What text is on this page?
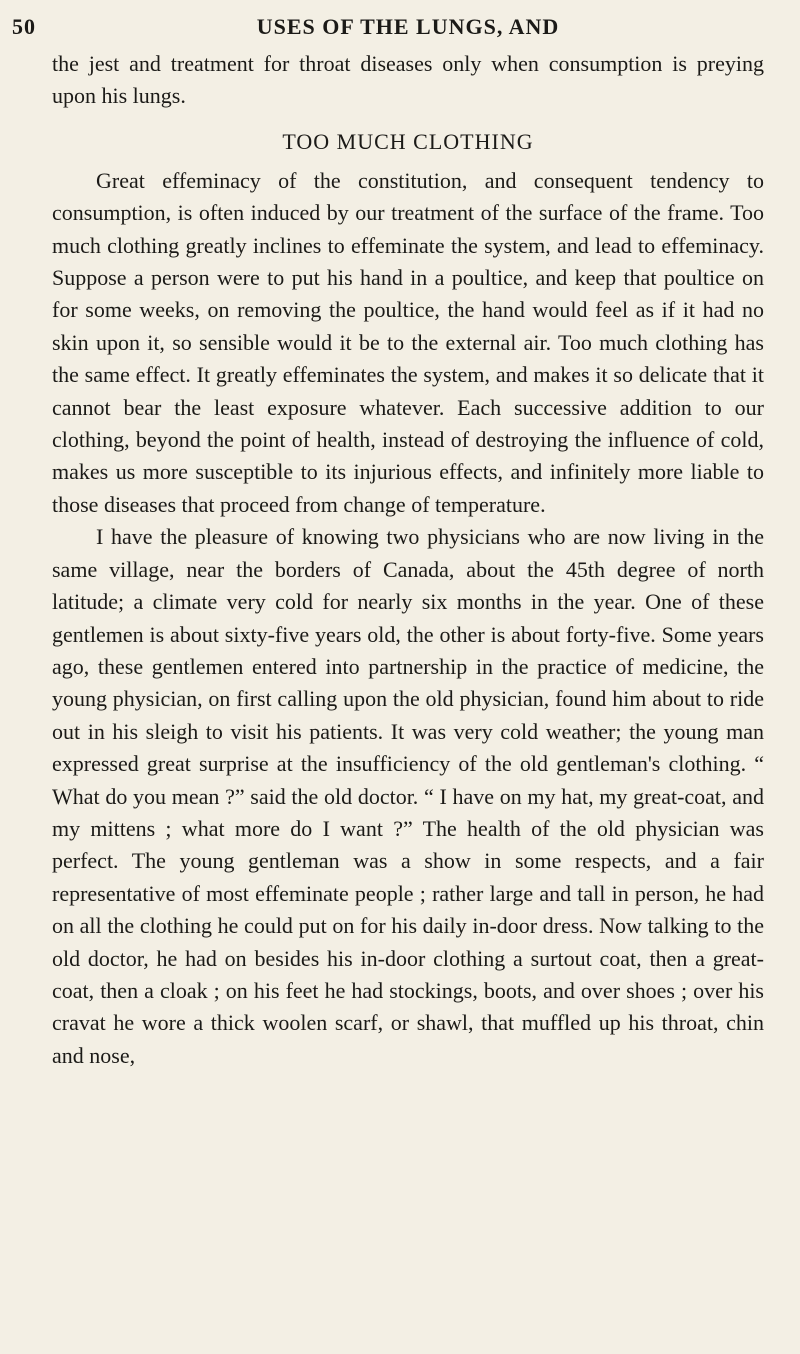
50	USES OF THE LUNGS, AND

the jest and treatment for throat diseases only when consumption is preying upon his lungs.

TOO MUCH CLOTHING

Great effeminacy of the constitution, and consequent tendency to consumption, is often induced by our treatment of the surface of the frame. Too much clothing greatly inclines to effeminate the system, and lead to effeminacy. Suppose a person were to put his hand in a poultice, and keep that poultice on for some weeks, on removing the poultice, the hand would feel as if it had no skin upon it, so sensible would it be to the external air. Too much clothing has the same effect. It greatly effeminates the system, and makes it so delicate that it cannot bear the least exposure whatever. Each successive addition to our clothing, beyond the point of health, instead of destroying the influence of cold, makes us more susceptible to its injurious effects, and infinitely more liable to those diseases that proceed from change of temperature.

I have the pleasure of knowing two physicians who are now living in the same village, near the borders of Canada, about the 45th degree of north latitude; a climate very cold for nearly six months in the year. One of these gentlemen is about sixty-five years old, the other is about forty-five. Some years ago, these gentlemen entered into partnership in the practice of medicine, the young physician, on first calling upon the old physician, found him about to ride out in his sleigh to visit his patients. It was very cold weather; the young man expressed great surprise at the insufficiency of the old gentleman's clothing. “ What do you mean ?” said the old doctor. “ I have on my hat, my great-coat, and my mittens ; what more do I want ?” The health of the old physician was perfect. The young gentleman was a show in some respects, and a fair representative of most effeminate people ; rather large and tall in person, he had on all the clothing he could put on for his daily in-door dress. Now talking to the old doctor, he had on besides his in-door clothing a surtout coat, then a great-coat, then a cloak ; on his feet he had stockings, boots, and over shoes ; over his cravat he wore a thick woolen scarf, or shawl, that muffled up his throat, chin and nose,
